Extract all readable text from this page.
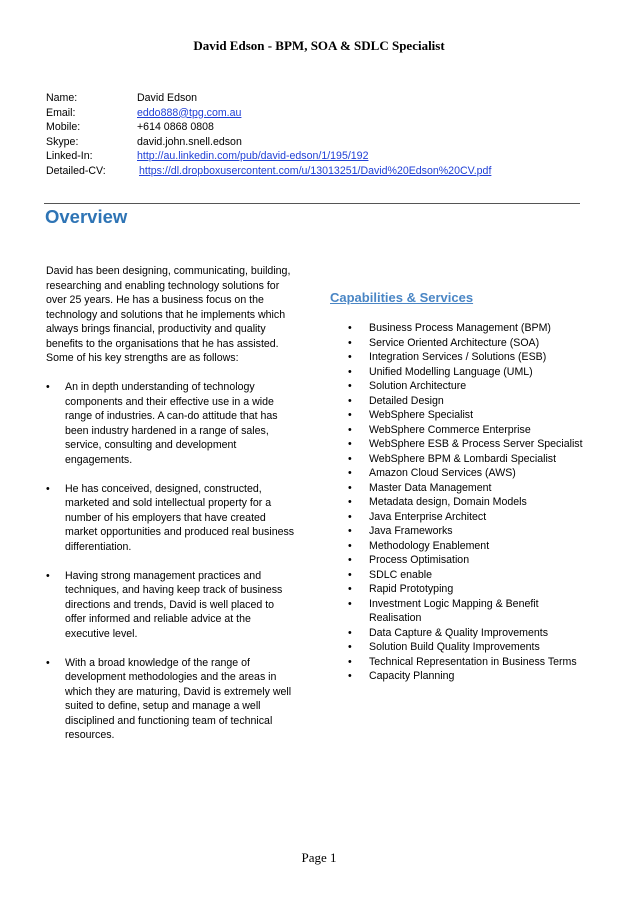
David Edson - BPM, SOA & SDLC Specialist
Name:	David Edson
Email:	eddo888@tpg.com.au
Mobile:	+614 0868 0808
Skype:	david.john.snell.edson
Linked-In:	http://au.linkedin.com/pub/david-edson/1/195/192
Detailed-CV:	https://dl.dropboxusercontent.com/u/13013251/David%20Edson%20CV.pdf
Overview

David has been designing, communicating, building, researching and enabling technology solutions for over 25 years. He has a business focus on the technology and solutions that he implements which always brings financial, productivity and quality benefits to the organisations that he has assisted. Some of his key strengths are as follows:

• An in depth understanding of technology components and their effective use in a wide range of industries. A can-do attitude that has been industry hardened in a range of sales, service, consulting and development engagements.
• He has conceived, designed, constructed, marketed and sold intellectual property for a number of his employers that have created market opportunities and produced real business differentiation.
• Having strong management practices and techniques, and having keep track of business directions and trends, David is well placed to offer informed and reliable advice at the executive level.
• With a broad knowledge of the range of development methodologies and the areas in which they are maturing, David is extremely well suited to define, setup and manage a well disciplined and functioning team of technical resources.
Capabilities & Services
• Business Process Management (BPM)
• Service Oriented Architecture (SOA)
• Integration Services / Solutions (ESB)
• Unified Modelling Language (UML)
• Solution Architecture
• Detailed Design
• WebSphere Specialist
• WebSphere Commerce Enterprise
• WebSphere ESB & Process Server Specialist
• WebSphere BPM & Lombardi Specialist
• Amazon Cloud Services (AWS)
• Master Data Management
• Metadata design, Domain Models
• Java Enterprise Architect
• Java Frameworks
• Methodology Enablement
• Process Optimisation
• SDLC enable
• Rapid Prototyping
• Investment Logic Mapping & Benefit Realisation
• Data Capture & Quality Improvements
• Solution Build Quality Improvements
• Technical Representation in Business Terms
• Capacity Planning
Page 1
